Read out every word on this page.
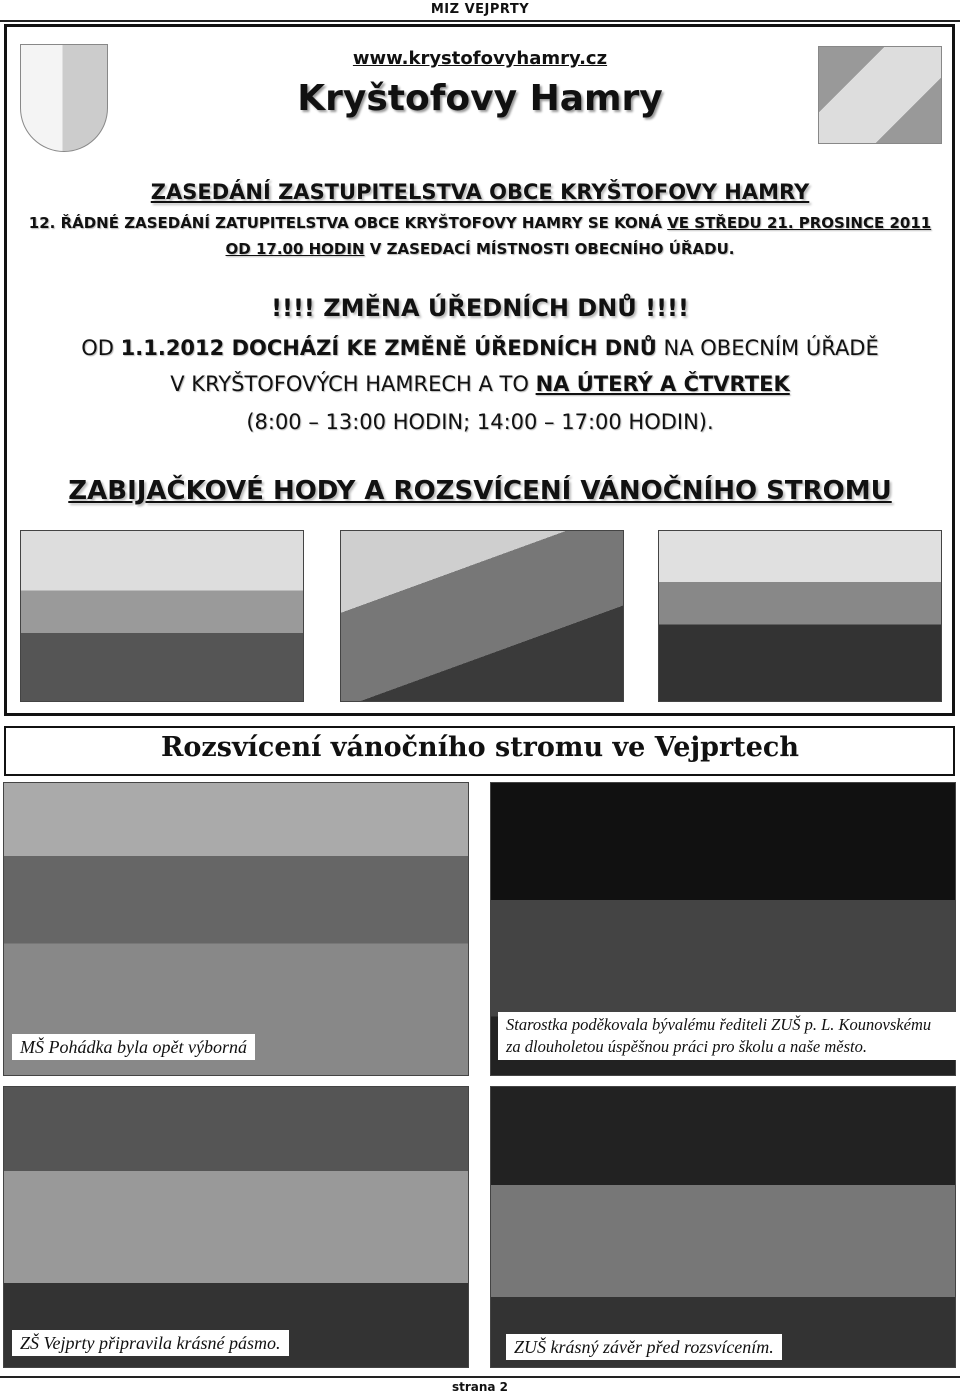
MIZ VEJPRTY
www.krystofovyhamry.cz
Kryštofovy Hamry
ZASEDÁNÍ ZASTUPITELSTVA OBCE KRYŠTOFOVY HAMRY
12. ŘÁDNÉ ZASEDÁNÍ ZATUPITELSTVA OBCE KRYŠTOFOVY HAMRY SE KONÁ VE STŘEDU 21. PROSINCE 2011
OD 17.00 HODIN V ZASEDACÍ MÍSTNOSTI OBECNÍHO ÚŘADU.
!!!! ZMĚNA ÚŘEDNÍCH DNŮ !!!!
OD 1.1.2012 DOCHÁZÍ KE ZMĚNĚ ÚŘEDNÍCH DNŮ NA OBECNÍM ÚŘADĚ
V KRYŠTOFOVÝCH HAMRECH A TO NA ÚTERÝ A ČTVRTEK
(8:00 – 13:00 HODIN; 14:00 – 17:00 HODIN).
ZABIJAČKOVÉ HODY A ROZSVÍCENÍ VÁNOČNÍHO STROMU
Rozsvícení vánočního stromu ve Vejprtech
MŠ Pohádka byla opět výborná
Starostka poděkovala bývalému řediteli ZUŠ p. L. Kounovskému
za dlouholetou úspěšnou práci pro školu a naše město.
ZŠ Vejprty připravila krásné pásmo.	ZUŠ krásný závěr před rozsvícením.
strana 2
